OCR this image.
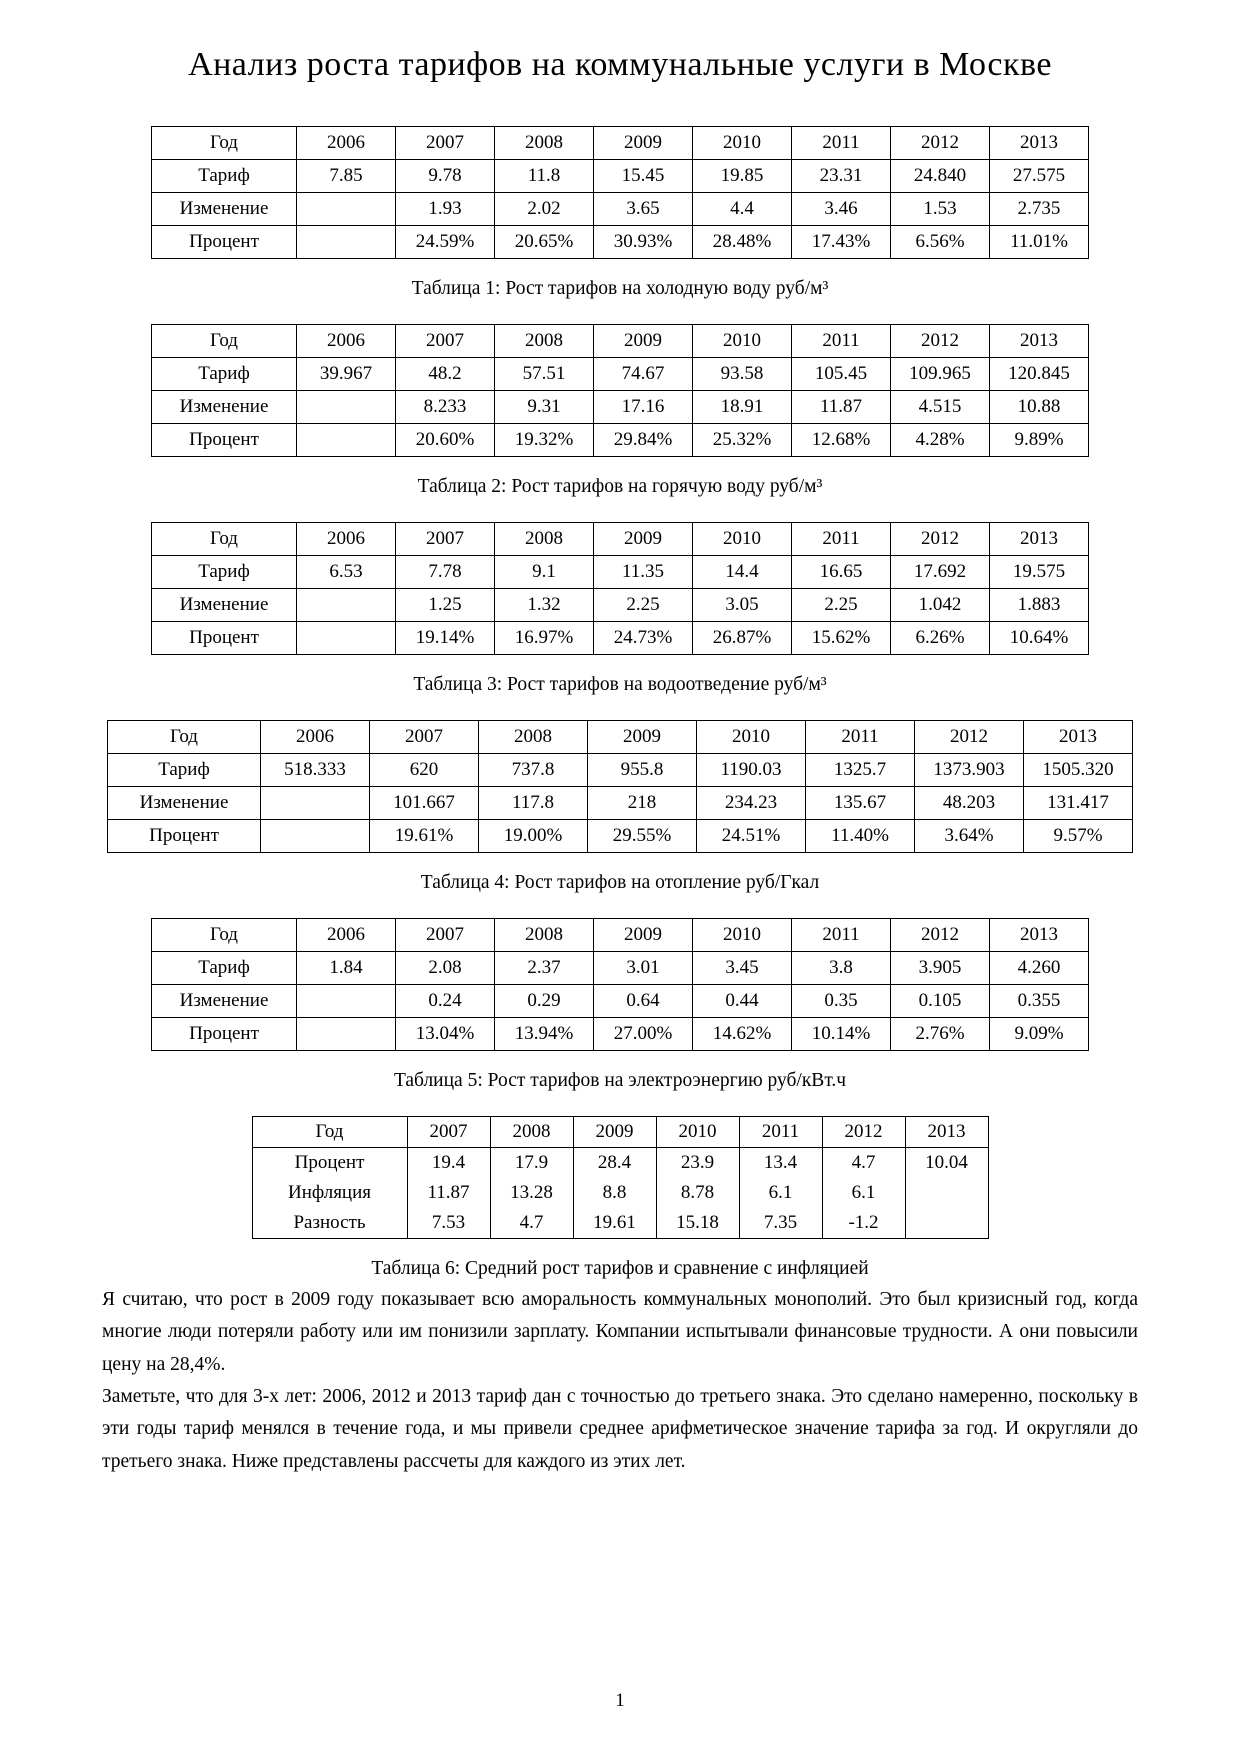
Анализ роста тарифов на коммунальные услуги в Москве
Год	2006	2007	2008	2009	2010	2011	2012	2013
Тариф	7.85	9.78	11.8	15.45	19.85	23.31	24.840	27.575
Изменение		1.93	2.02	3.65	4.4	3.46	1.53	2.735
Процент		24.59%	20.65%	30.93%	28.48%	17.43%	6.56%	11.01%
Таблица 1: Рост тарифов на холодную воду руб/м³
Год	2006	2007	2008	2009	2010	2011	2012	2013
Тариф	39.967	48.2	57.51	74.67	93.58	105.45	109.965	120.845
Изменение		8.233	9.31	17.16	18.91	11.87	4.515	10.88
Процент		20.60%	19.32%	29.84%	25.32%	12.68%	4.28%	9.89%
Таблица 2: Рост тарифов на горячую воду руб/м³
Год	2006	2007	2008	2009	2010	2011	2012	2013
Тариф	6.53	7.78	9.1	11.35	14.4	16.65	17.692	19.575
Изменение		1.25	1.32	2.25	3.05	2.25	1.042	1.883
Процент		19.14%	16.97%	24.73%	26.87%	15.62%	6.26%	10.64%
Таблица 3: Рост тарифов на водоотведение руб/м³
Год	2006	2007	2008	2009	2010	2011	2012	2013
Тариф	518.333	620	737.8	955.8	1190.03	1325.7	1373.903	1505.320
Изменение		101.667	117.8	218	234.23	135.67	48.203	131.417
Процент		19.61%	19.00%	29.55%	24.51%	11.40%	3.64%	9.57%
Таблица 4: Рост тарифов на отопление руб/Гкал
Год	2006	2007	2008	2009	2010	2011	2012	2013
Тариф	1.84	2.08	2.37	3.01	3.45	3.8	3.905	4.260
Изменение		0.24	0.29	0.64	0.44	0.35	0.105	0.355
Процент		13.04%	13.94%	27.00%	14.62%	10.14%	2.76%	9.09%
Таблица 5: Рост тарифов на электроэнергию руб/кВт.ч
Год	2007	2008	2009	2010	2011	2012	2013
Процент	19.4	17.9	28.4	23.9	13.4	4.7	10.04
Инфляция	11.87	13.28	8.8	8.78	6.1	6.1	
Разность	7.53	4.7	19.61	15.18	7.35	-1.2	
Таблица 6: Средний рост тарифов и сравнение с инфляцией

Я считаю, что рост в 2009 году показывает всю аморальность коммунальных монополий. Это был кризисный год, когда многие люди потеряли работу или им понизили зарплату. Компании испытывали финансовые трудности. А они повысили цену на 28,4%.

Заметьте, что для 3-х лет: 2006, 2012 и 2013 тариф дан с точностью до третьего знака. Это сделано намеренно, поскольку в эти годы тариф менялся в течение года, и мы привели среднее арифметическое значение тарифа за год. И округляли до третьего знака. Ниже представлены рассчеты для каждого из этих лет.

1
